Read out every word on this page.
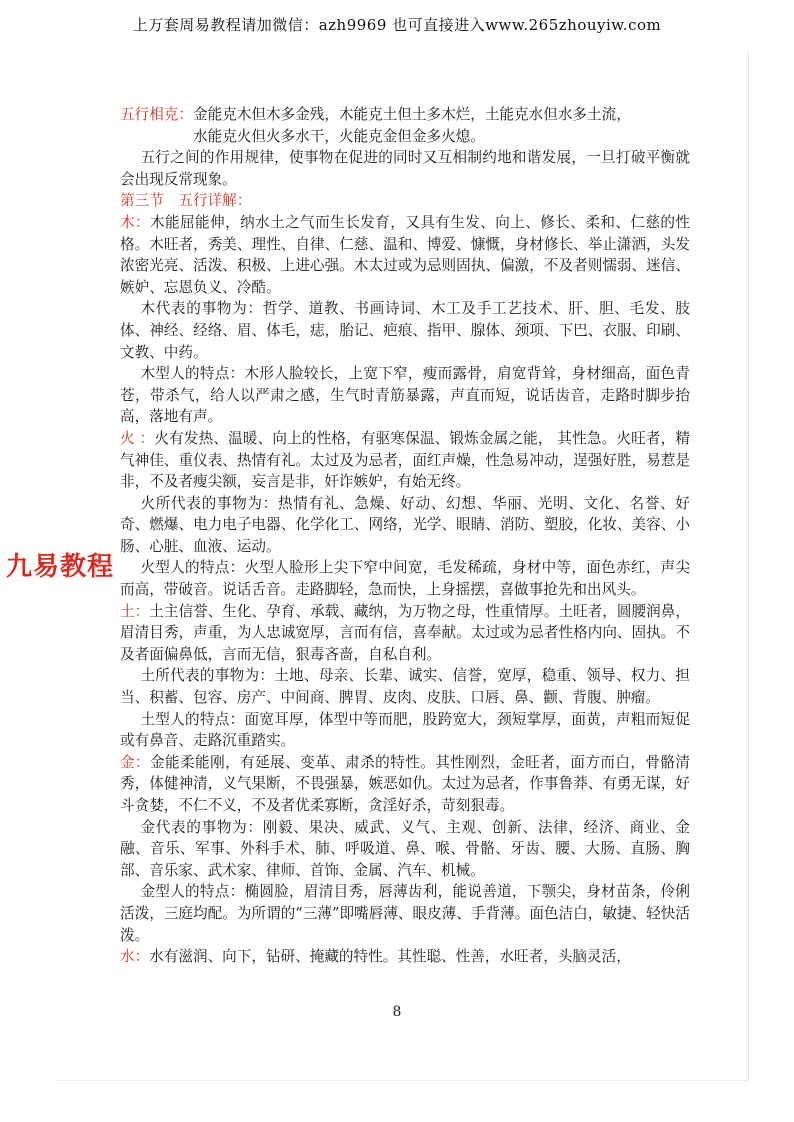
上万套周易教程请加微信：azh9969 也可直接进入www.265zhouyiw.com
五行相克： 金能克木但木多金残，木能克土但土多木烂，土能克水但水多土流，

水能克火但火多水干，火能克金但金多火熄。

五行之间的作用规律，使事物在促进的同时又互相制约地和谐发展，一旦打破平衡就会出现反常现象。

第三节　五行详解：

木：木能屈能伸，纳水土之气而生长发育，又具有生发、向上、修长、柔和、仁慈的性格。木旺者，秀美、理性、自律、仁慈、温和、博爱、慷慨，身材修长、举止潇洒，头发浓密光亮、活泼、积极、上进心强。木太过或为忌则固执、偏激，不及者则懦弱、迷信、嫉妒、忘恩负义、冷酷。

木代表的事物为：哲学、道教、书画诗词、木工及手工艺技术、肝、胆、毛发、肢体、神经、经络、眉、体毛，痣，胎记、疤痕、指甲、腺体、颈项、下巴、衣服、印刷、文教、中药。

木型人的特点：木形人脸较长，上宽下窄，瘦而露骨，肩宽背耸，身材细高，面色青苍，带杀气，给人以严肃之感，生气时青筋暴露，声直而短，说话齿音，走路时脚步抬高，落地有声。

火 ：火有发热、温暖、向上的性格，有驱寒保温、锻炼金属之能， 其性急。火旺者，精气神佳、重仪表、热情有礼。太过及为忌者，面红声燥，性急易冲动，逞强好胜，易惹是非，不及者瘦尖额，妄言是非，奸诈嫉妒，有始无终。

火所代表的事物为：热情有礼、急燥、好动、幻想、华丽、光明、文化、名誉、好奇、燃爆、电力电子电器、化学化工、网络，光学、眼睛、消防、塑胶，化妆、美容、小肠、心脏、血液、运动。

火型人的特点：火型人脸形上尖下窄中间宽，毛发稀疏，身材中等，面色赤红，声尖而高，带破音。说话舌音。走路脚轻，急而快，上身摇摆，喜做事抢先和出风头。

土：土主信誉、生化、孕育、承载、藏纳，为万物之母，性重情厚。土旺者，圆腰润鼻，眉清目秀，声重，为人忠诚宽厚，言而有信，喜奉献。太过或为忌者性格内向、固执。不及者面偏鼻低，言而无信，狠毒吝啬，自私自利。

土所代表的事物为：土地、母亲、长辈、诚实、信誉，宽厚，稳重、领导、权力、担当、积蓄、包容、房产、中间商、脾胃、皮肉、皮肤、口唇、鼻、颧、背腹、肿瘤。

土型人的特点：面宽耳厚，体型中等而肥，股跨宽大，颈短掌厚，面黄，声粗而短促或有鼻音、走路沉重踏实。

金：金能柔能刚，有延展、变革、肃杀的特性。其性刚烈，金旺者，面方而白，骨骼清秀，体健神清，义气果断，不畏强暴，嫉恶如仇。太过为忌者，作事鲁莽、有勇无谋，好斗贪婪，不仁不义，不及者优柔寡断，贪淫好杀，苛刻狠毒。

金代表的事物为：刚毅、果决、威武、义气、主观、创新、法律，经济、商业、金融、音乐、军事、外科手术、肺、呼吸道、鼻、喉、骨骼、牙齿、腰、大肠、直肠、胸部、音乐家、武术家、律师、首饰、金属、汽车、机械。

金型人的特点：椭圆脸，眉清目秀，唇薄齿利，能说善道，下颚尖，身材苗条，伶俐活泼，三庭均配。为所谓的“三薄”即嘴唇薄、眼皮薄、手背薄。面色洁白，敏捷、轻快活泼。

水：水有滋润、向下，钻研、掩藏的特性。其性聪、性善，水旺者，头脑灵活，

九易教程
8
